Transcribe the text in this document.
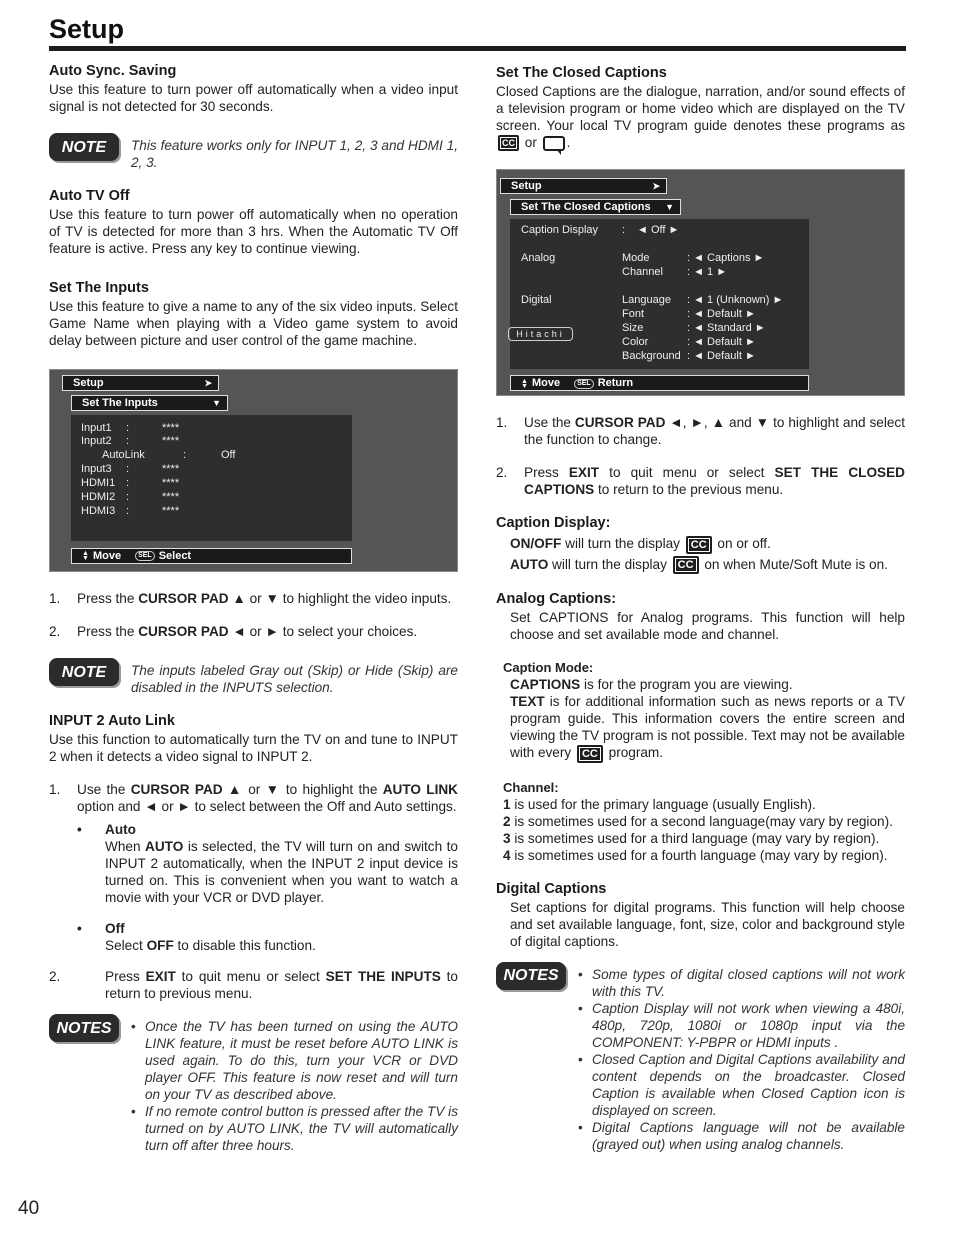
Setup
Auto Sync. Saving

Use this feature to turn power off automatically when a video input signal is not detected for 30 seconds.

NOTE	This feature works only for INPUT 1, 2, 3 and HDMI 1, 2, 3.
Auto TV Off

Use this feature to turn power off automatically when no operation of TV is detected for more than 3 hrs. When the Automatic TV Off feature is active. Press any key to continue viewing.

Set The Inputs

Use this feature to give a name to any of the six video inputs. Select Game Name when playing with a Video game system to avoid delay between picture and user control of the game machine.

Setup	➤
Set The Inputs	▼
Input1 :	****
Input2 :	****
AutoLink	:	Off
Input3 :	****
HDMI1 :	****
HDMI2 :	****
HDMI3 :	****
▲
▼ Move SEL Select
1.	Press the CURSOR PAD ▲ or ▼ to highlight the video inputs.
2.	Press the CURSOR PAD ◄ or ► to select your choices.
NOTE	The inputs labeled Gray out (Skip) or Hide (Skip) are disabled in the INPUTS selection.
INPUT 2 Auto Link

Use this function to automatically turn the TV on and tune to INPUT 2 when it detects a video signal to INPUT 2.

1.	Use the CURSOR PAD ▲ or ▼ to highlight the AUTO LINK option and ◄ or ► to select between the Off and Auto settings.
•	Auto
When AUTO is selected, the TV will turn on and switch to INPUT 2 automatically, when the INPUT 2 input device is turned on. This is convenient when you want to watch a movie with your VCR or DVD player.
•	Off
Select OFF to disable this function.
2.	Press EXIT to quit menu or select SET THE INPUTS to return to previous menu.
NOTES	• Once the TV has been turned on using the AUTO LINK feature, it must be reset before AUTO LINK is used again. To do this, turn your VCR or DVD player OFF. This feature is now reset and will turn on your TV as described above.
• If no remote control button is pressed after the TV is turned on by AUTO LINK, the TV will automatically turn off after three hours.
Set The Closed Captions

Closed Captions are the dialogue, narration, and/or sound effects of a television program or home video which are displayed on the TV screen. Your local TV program guide denotes these programs as CC or .

Setup	➤
Set The Closed Captions ▼
Caption Display : ◄ Off ►
Analog	Mode	: ◄ Captions ►
Channel : ◄ 1 ►
Digital	Language : ◄ 1 (Unknown) ►
Font	: ◄ Default ►
Size	: ◄ Standard ►
Color	: ◄ Default ►
Background : ◄ Default ►
Hitachi
▲
▼ Move SEL Return
1.	Use the CURSOR PAD ◄, ►, ▲ and ▼ to highlight and select the function to change.
2.	Press EXIT to quit menu or select SET THE CLOSED CAPTIONS to return to the previous menu.
Caption Display:
ON/OFF will turn the display CC on or off.
AUTO will turn the display CC on when Mute/Soft Mute is on.
Analog Captions:

Set CAPTIONS for Analog programs. This function will help choose and set available mode and channel.

Caption Mode:
CAPTIONS is for the program you are viewing.

TEXT is for additional information such as news reports or a TV program guide. This information covers the entire screen and viewing the TV program is not possible. Text may not be available with every CC program.

Channel:
1 is used for the primary language (usually English).
2 is sometimes used for a second language(may vary by region).
3 is sometimes used for a third language (may vary by region).
4 is sometimes used for a fourth language (may vary by region).
Digital Captions

Set captions for digital programs. This function will help choose and set available language, font, size, color and background style of digital captions.

NOTES	• Some types of digital closed captions will not work with this TV.
• Caption Display will not work when viewing a 480i, 480p, 720p, 1080i or 1080p input via the COMPONENT: Y-PBPR or HDMI inputs .
• Closed Caption and Digital Captions availability and content depends on the broadcaster. Closed Caption is available when Closed Caption icon is displayed on screen.
• Digital Captions language will not be available (grayed out) when using analog channels.
40
